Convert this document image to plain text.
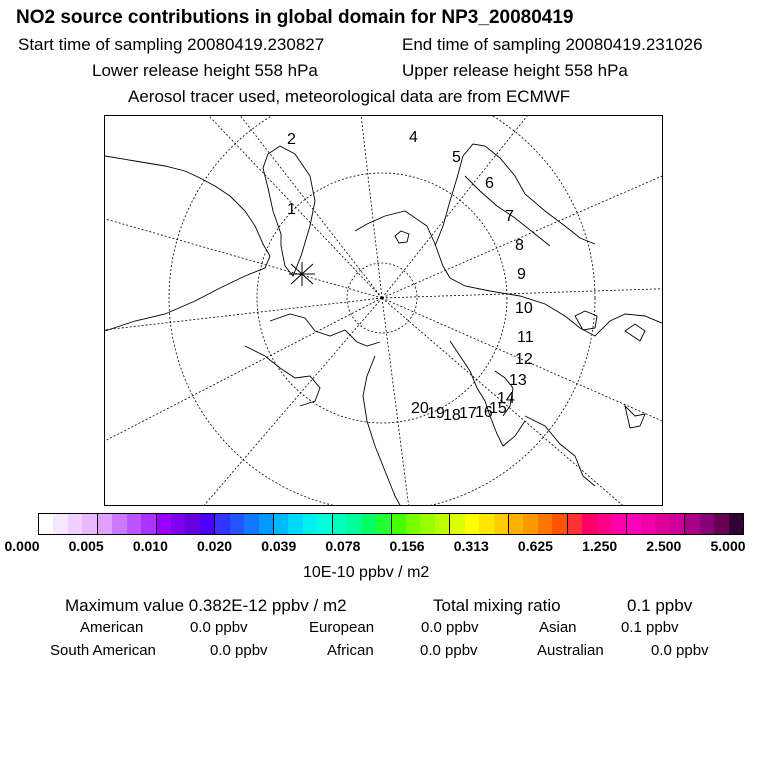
NO2 source contributions in global domain for NP3_20080419
Start time of sampling 20080419.230827	End time of sampling 20080419.231026
Lower release height 558 hPa	Upper release height 558 hPa
Aerosol tracer used, meteorological data are from ECMWF
2	4
5
6
1	7
8
9
10
11
12
13
14
15
16
17
18
19
20
0.000 0.005 0.010 0.020 0.039 0.078 0.156 0.313 0.625 1.250 2.500 5.000
10E-10 ppbv / m2
Maximum value 0.382E-12 ppbv / m2	Total mixing ratio	0.1 ppbv
American	0.0 ppbv	European	0.0 ppbv	Asian	0.1 ppbv
South American	0.0 ppbv	African	0.0 ppbv	Australian	0.0 ppbv
